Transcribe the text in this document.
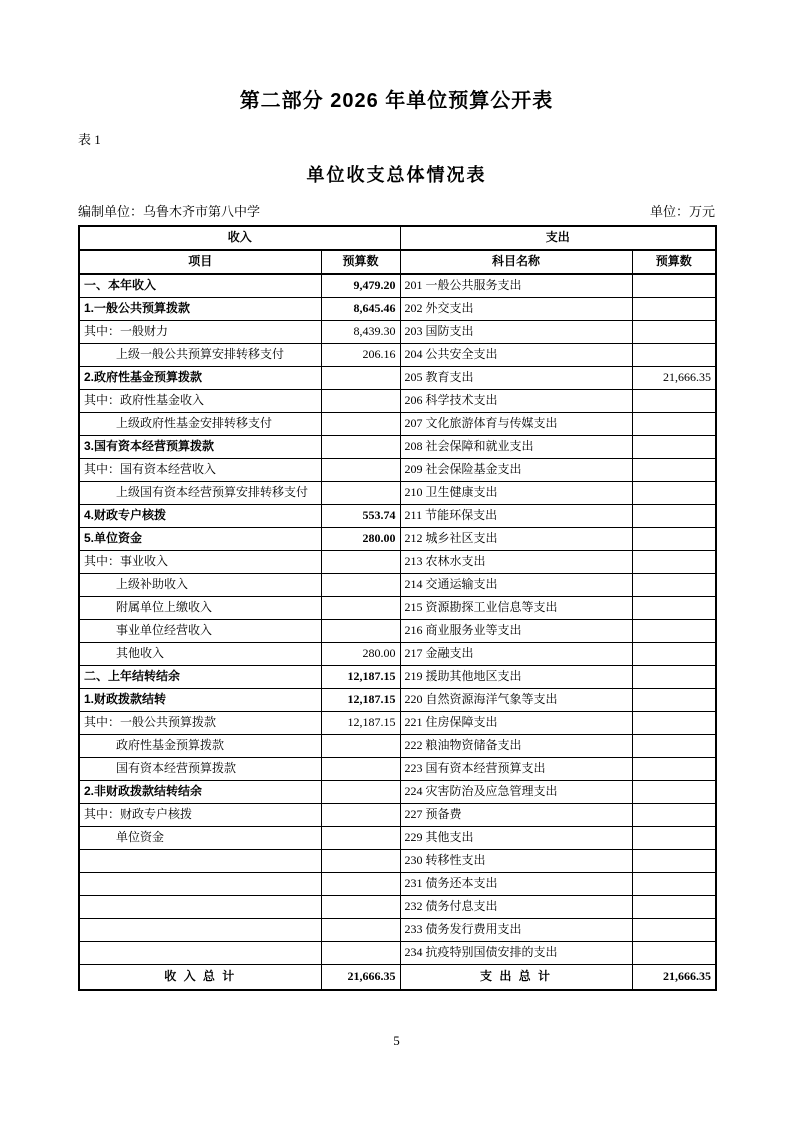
第二部分 2026 年单位预算公开表
表 1
单位收支总体情况表
编制单位：乌鲁木齐市第八中学	单位：万元
收入		支出	
项目	预算数	科目名称	预算数
一、本年收入	9,479.20	201 一般公共服务支出	
1.一般公共预算拨款	8,645.46	202 外交支出	
其中：一般财力	8,439.30	203 国防支出	
上级一般公共预算安排转移支付	206.16	204 公共安全支出	
2.政府性基金预算拨款		205 教育支出	21,666.35
其中：政府性基金收入		206 科学技术支出	
上级政府性基金安排转移支付		207 文化旅游体育与传媒支出	
3.国有资本经营预算拨款		208 社会保障和就业支出	
其中：国有资本经营收入		209 社会保险基金支出	
上级国有资本经营预算安排转移支付		210 卫生健康支出	
4.财政专户核拨	553.74	211 节能环保支出	
5.单位资金	280.00	212 城乡社区支出	
其中：事业收入		213 农林水支出	
上级补助收入		214 交通运输支出	
附属单位上缴收入		215 资源勘探工业信息等支出	
事业单位经营收入		216 商业服务业等支出	
其他收入	280.00	217 金融支出	
二、上年结转结余	12,187.15	219 援助其他地区支出	
1.财政拨款结转	12,187.15	220 自然资源海洋气象等支出	
其中：一般公共预算拨款	12,187.15	221 住房保障支出	
政府性基金预算拨款		222 粮油物资储备支出	
国有资本经营预算拨款		223 国有资本经营预算支出	
2.非财政拨款结转结余		224 灾害防治及应急管理支出	
其中：财政专户核拨		227 预备费	
单位资金		229 其他支出	
		230 转移性支出	
		231 债务还本支出	
		232 债务付息支出	
		233 债务发行费用支出	
		234 抗疫特别国债安排的支出	
收 入 总 计	21,666.35	支 出 总 计	21,666.35
5
